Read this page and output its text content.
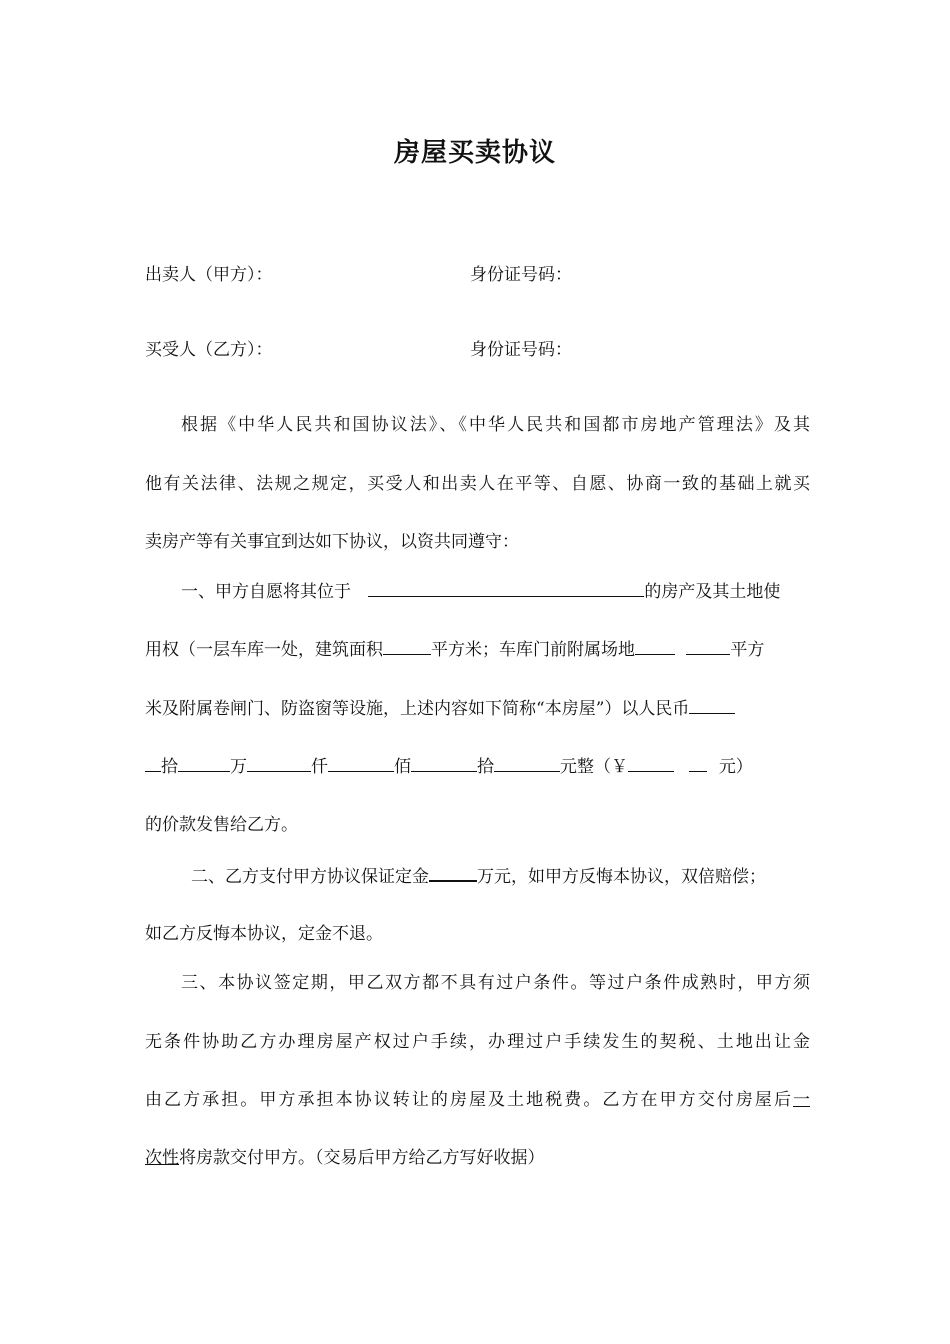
房屋买卖协议
出卖人（甲方）：	身份证号码：
买受人（乙方）：	身份证号码：
根据《中华人民共和国协议法》、《中华人民共和国都市房地产管理法》及其
他有关法律、法规之规定，买受人和出卖人在平等、自愿、协商一致的基础上就买
卖房产等有关事宜到达如下协议，以资共同遵守：
一、甲方自愿将其位于	的房产及其土地使
用权（一层车库一处，建筑面积	平方米；车库门前附属场地	平方
米及附属卷闸门、防盗窗等设施，上述内容如下简称“本房屋”）以人民币
拾	万	仟	佰	拾	元整（￥	元）
的价款发售给乙方。
二、乙方支付甲方协议保证定金	万元，如甲方反悔本协议，双倍赔偿；
如乙方反悔本协议，定金不退。
三、本协议签定期，甲乙双方都不具有过户条件。等过户条件成熟时，甲方须
无条件协助乙方办理房屋产权过户手续，办理过户手续发生的契税、土地出让金
由乙方承担。甲方承担本协议转让的房屋及土地税费。乙方在甲方交付房屋后一
次性将房款交付甲方。（交易后甲方给乙方写好收据）
